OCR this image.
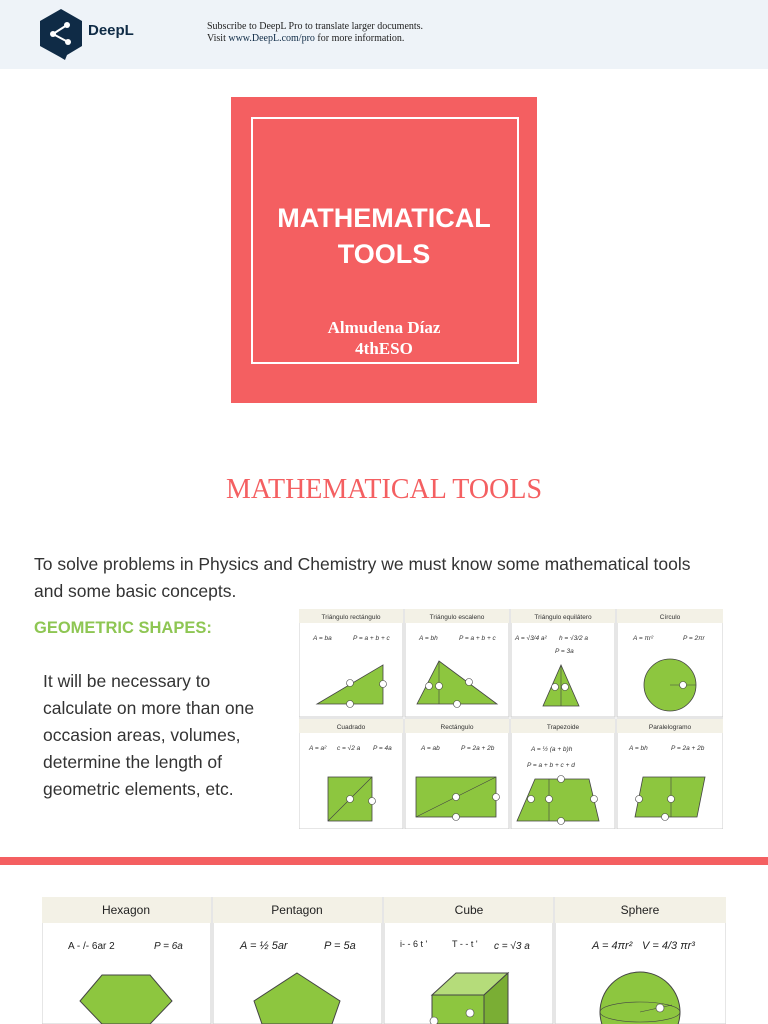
DeepL	Subscribe to DeepL Pro to translate larger documents.
Visit www.DeepL.com/pro for more information.
MATHEMATICAL
TOOLS
Almudena Díaz
4thESO
MATHEMATICAL TOOLS
To solve problems in Physics and Chemistry we must know some mathematical tools and some basic concepts.
GEOMETRIC SHAPES:
It will be necessary to calculate on more than one occasion areas, volumes, determine the length of geometric elements, etc.
Triángulo rectángulo
A = ba	P = a + b + c
Triángulo escaleno
A = bh	P = a + b + c
Triángulo equilátero
A = √3/4 a² h = √3/2 a
P = 3a
Círculo
A = πr²	P = 2πr
Cuadrado
A = a² c = √2 a P = 4a
Rectángulo
A = ab	P = 2a + 2b
Trapezoide
A = ½ (a + b)h
P = a + b + c + d
Paralelogramo
A = bh	P = 2a + 2b
Hexagon
A - /- 6ar 2	P = 6a
Pentagon
A = ½ 5ar	P = 5a
Cube
i- - 6 t '	T - - t ' c = √3 a
Sphere
A = 4πr² V = 4/3 πr³
